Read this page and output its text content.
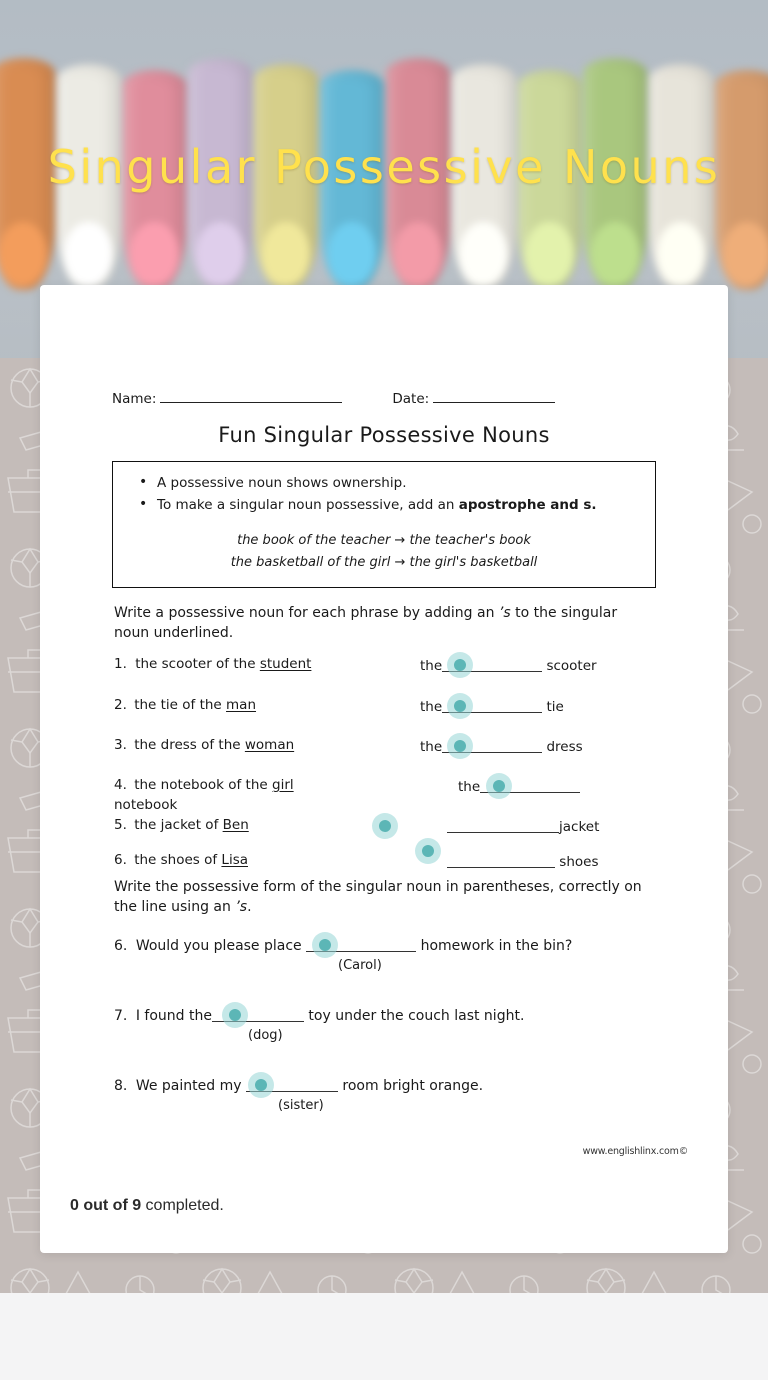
Singular Possessive Nouns
Name:	Date:
Fun Singular Possessive Nouns
• A possessive noun shows ownership.
• To make a singular noun possessive, add an apostrophe and s.
the book of the teacher → the teacher's book
the basketball of the girl → the girl's basketball
Write a possessive noun for each phrase by adding an ’s to the singular noun underlined.
1. the scooter of the student	the	scooter
2. the tie of the man	the	tie
3. the dress of the woman	the	dress
4. the notebook of the girl	the
notebook
5. the jacket of Ben	jacket
6. the shoes of Lisa	shoes
Write the possessive form of the singular noun in parentheses, correctly on the line using an ’s.
6. Would you please place	homework in the bin?
(Carol)
7. I found the	toy under the couch last night.
(dog)
8. We painted my	room bright orange.
(sister)
www.englishlinx.com©
0 out of 9 completed.
